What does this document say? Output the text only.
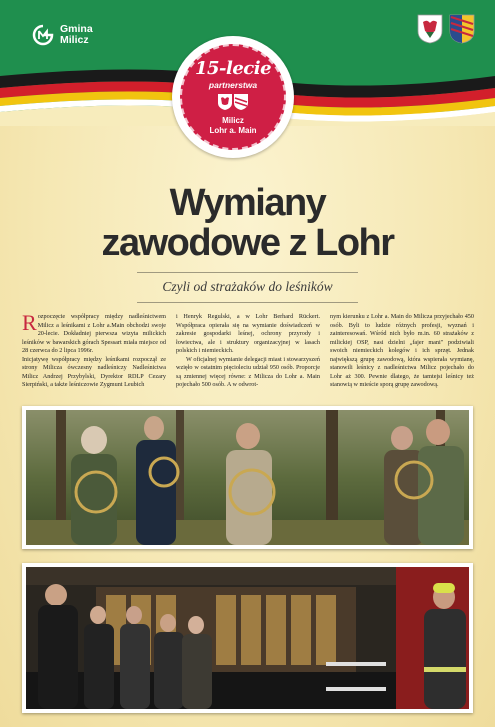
Gmina
Milicz
15-lecie
partnerstwa
Milicz
Lohr a. Main
Wymiany
zawodowe z Lohr
Czyli od strażaków do leśników
R ozpoczęcie współpracy między nadleśnictwem Milicz a leśnikami z Lohr a.Main obchodzi swoje 20-lecie. Dokładniej pierwsza wizyta milickich leśników w bawarskich górach Spessart miała miejsce od 28 czerwca do 2 lipca 1996r.

Inicjatywę współpracy między leśnikami rozpoczął ze strony Milicza ówczesny nadleśniczy Nadleśnictwa Milicz Andrzej Przybylski, Dyrektor RDLP Cezary Sierpiński, a także leśniczowie Zygmunt Leubich

i Henryk Regulski, a w Lohr Berhard Rückert. Współpraca opierała się na wymianie doświadczeń w zakresie gospodarki leśnej, ochrony przyrody i łowiectwa, ale i struktury organizacyjnej w lasach polskich i niemieckich.

W oficjalnej wymianie delegacji miast i stowarzyszeń wzięło w ostatnim pięcioleciu udział 950 osób. Proporcje są zmiennej więcej równe: z Milicza do Lohr a. Main pojechało 500 osób. A w odwrot-

nym kierunku z Lohr a. Main do Milicza przyjechało 450 osób. Byli to ludzie różnych profesji, wyznań i zainteresowań. Wśród nich było m.in. 60 strażaków z milickiej OSP, nasi dzielni „fajer mani" podziwiali swoich niemieckich kolegów i ich sprzęt. Jednak największą grupę zawodową, która wspierała wymianę, stanowili leśnicy z nadleśnictwa Milicz pojechało do Lohr aż 300. Pewnie dlatego, że tamtejsi leśnicy też stanowią w mieście sporą grupę zawodową.
